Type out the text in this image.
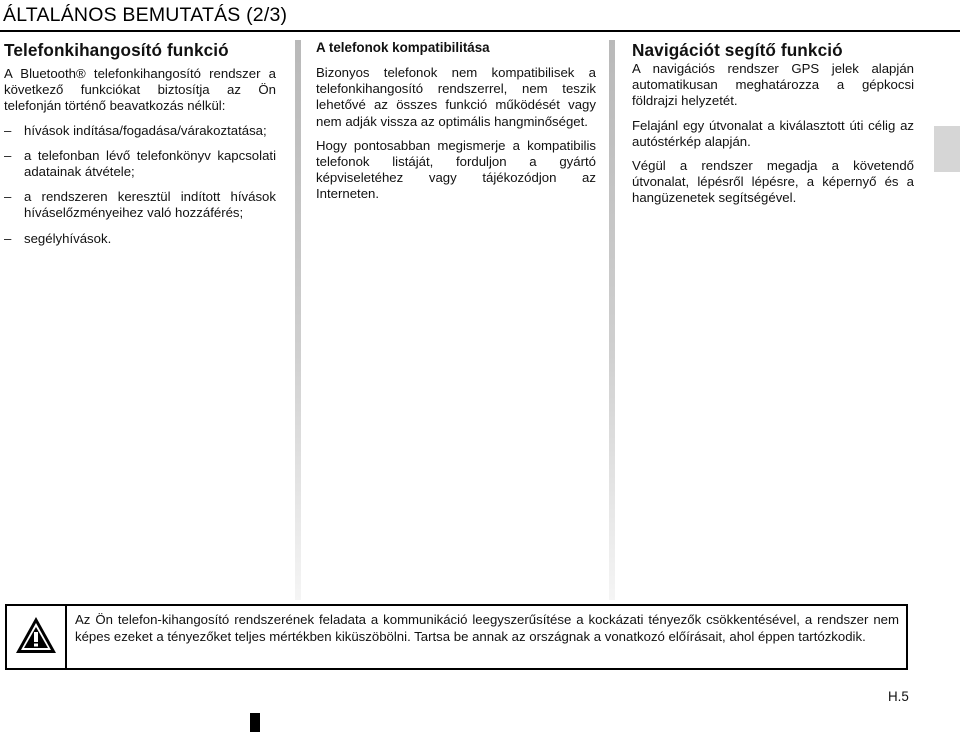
ÁLTALÁNOS BEMUTATÁS (2/3)
Telefonkihangosító funkció

A Bluetooth® telefonkihangosító rendszer a következő funkciókat biztosítja az Ön telefonján történő beavatkozás nélkül:

– hívások indítása/fogadása/várakoztatása;
– a telefonban lévő telefonkönyv kapcsolati adatainak átvétele;
– a rendszeren keresztül indított hívások híváselőzményeihez való hozzáférés;
– segélyhívások.
A telefonok kompatibilitása

Bizonyos telefonok nem kompatibilisek a telefonkihangosító rendszerrel, nem teszik lehetővé az összes funkció működését vagy nem adják vissza az optimális hangminőséget.

Hogy pontosabban megismerje a kompatibilis telefonok listáját, forduljon a gyártó képviseletéhez vagy tájékozódjon az Interneten.

Navigációt segítő funkció

A navigációs rendszer GPS jelek alapján automatikusan meghatározza a gépkocsi földrajzi helyzetét.

Felajánl egy útvonalat a kiválasztott úti célig az autóstérkép alapján.

Végül a rendszer megadja a követendő útvonalat, lépésről lépésre, a képernyő és a hangüzenetek segítségével.

Az Ön telefon-kihangosító rendszerének feladata a kommunikáció leegyszerűsítése a kockázati tényezők csökkentésével, a rendszer nem képes ezeket a tényezőket teljes mértékben kiküszöbölni. Tartsa be annak az országnak a vonatkozó előírásait, ahol éppen tartózkodik.
H.5
